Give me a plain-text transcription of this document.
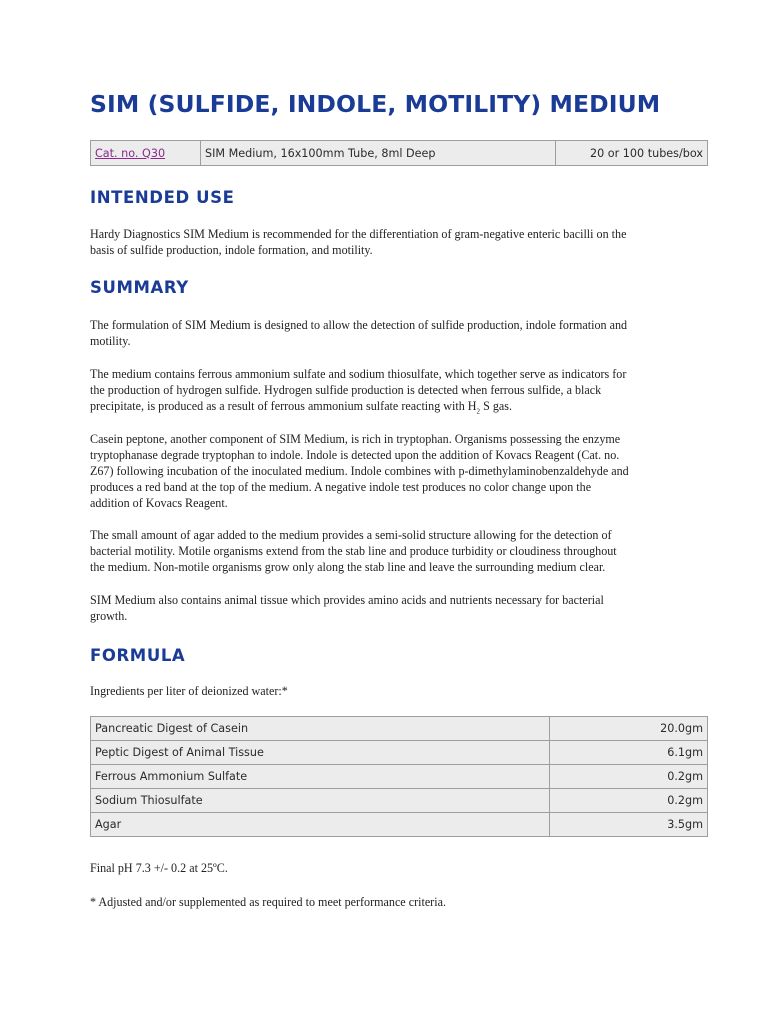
SIM (SULFIDE, INDOLE, MOTILITY) MEDIUM
Cat. no. Q30	SIM Medium, 16x100mm Tube, 8ml Deep	20 or 100 tubes/box
INTENDED USE

Hardy Diagnostics SIM Medium is recommended for the differentiation of gram-negative enteric bacilli on the
basis of sulfide production, indole formation, and motility.

SUMMARY

The formulation of SIM Medium is designed to allow the detection of sulfide production, indole formation and
motility.

The medium contains ferrous ammonium sulfate and sodium thiosulfate, which together serve as indicators for
the production of hydrogen sulfide. Hydrogen sulfide production is detected when ferrous sulfide, a black
precipitate, is produced as a result of ferrous ammonium sulfate reacting with $H_2$ S gas.

Casein peptone, another component of SIM Medium, is rich in tryptophan. Organisms possessing the enzyme
tryptophanase degrade tryptophan to indole. Indole is detected upon the addition of Kovacs Reagent (Cat. no.
Z67) following incubation of the inoculated medium. Indole combines with p-dimethylaminobenzaldehyde and
produces a red band at the top of the medium. A negative indole test produces no color change upon the
addition of Kovacs Reagent.

The small amount of agar added to the medium provides a semi-solid structure allowing for the detection of
bacterial motility. Motile organisms extend from the stab line and produce turbidity or cloudiness throughout
the medium. Non-motile organisms grow only along the stab line and leave the surrounding medium clear.

SIM Medium also contains animal tissue which provides amino acids and nutrients necessary for bacterial
growth.

FORMULA

Ingredients per liter of deionized water:*

Pancreatic Digest of Casein	20.0gm
Peptic Digest of Animal Tissue	6.1gm
Ferrous Ammonium Sulfate	0.2gm
Sodium Thiosulfate	0.2gm
Agar	3.5gm

Final pH 7.3 +/- 0.2 at 25ºC.

* Adjusted and/or supplemented as required to meet performance criteria.
